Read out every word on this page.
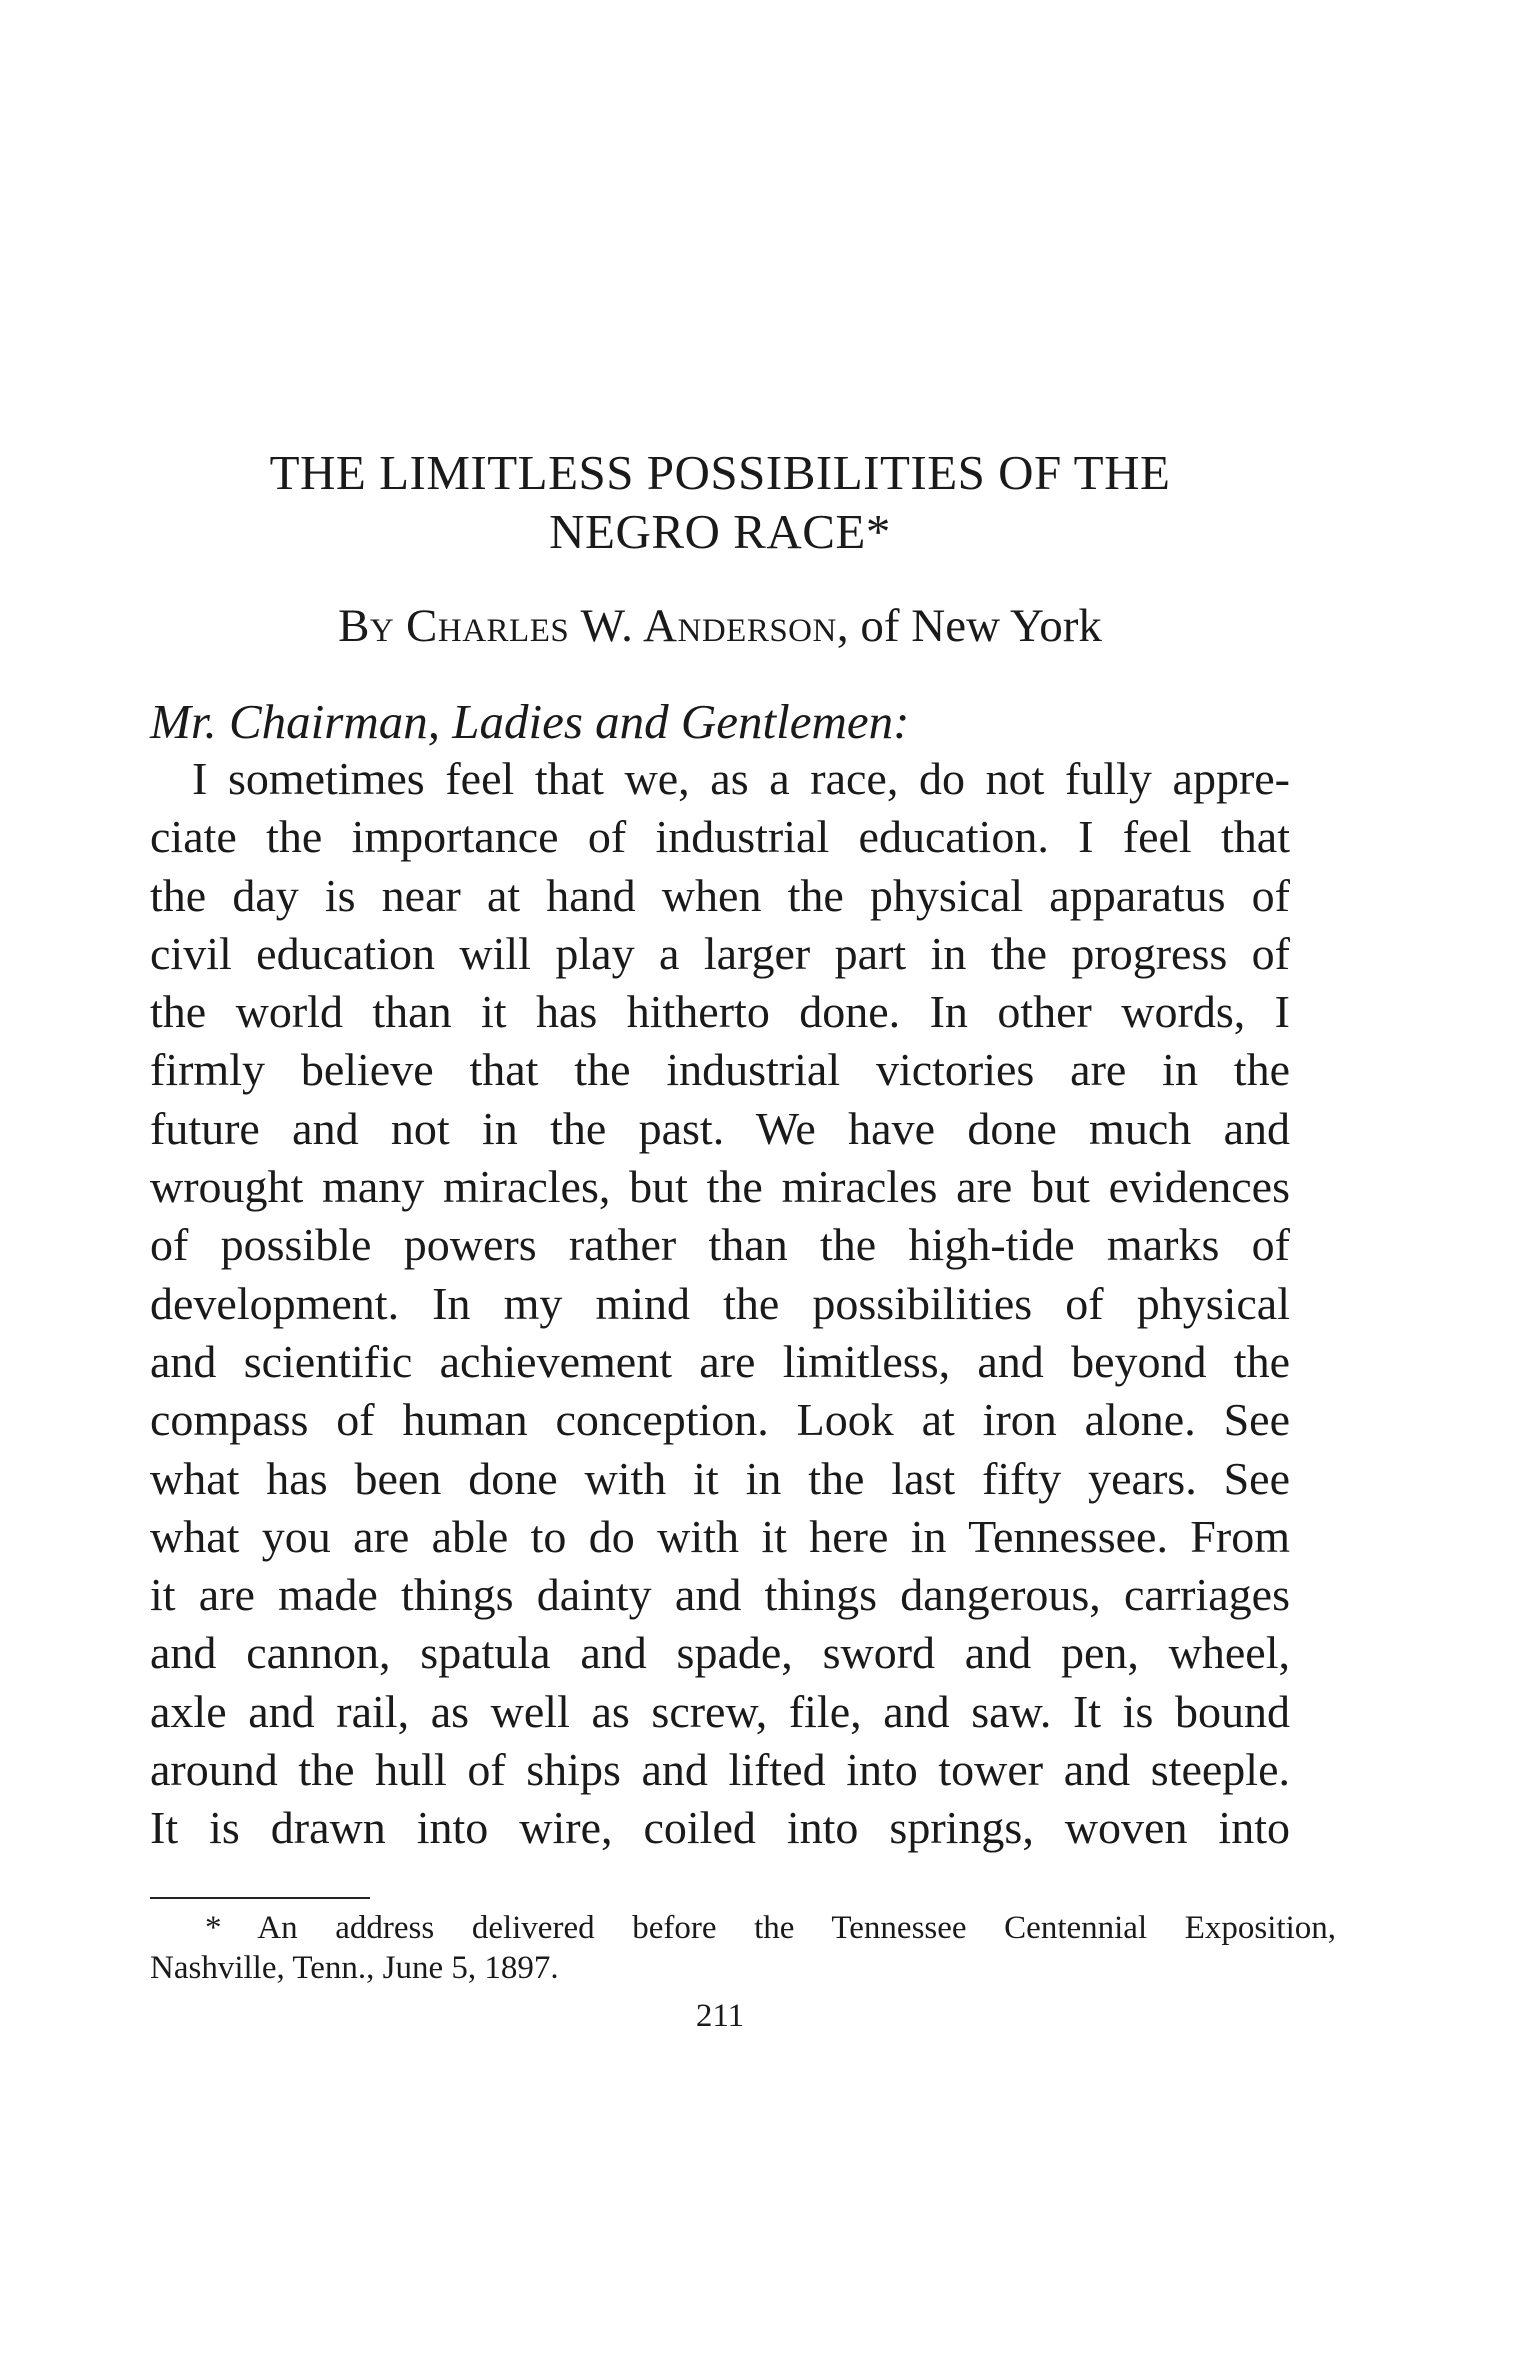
THE LIMITLESS POSSIBILITIES OF THE
NEGRO RACE*

By Charles W. Anderson, of New York

Mr. Chairman, Ladies and Gentlemen:

I sometimes feel that we, as a race, do not fully appre-
ciate the importance of industrial education. I feel that
the day is near at hand when the physical apparatus of
civil education will play a larger part in the progress of
the world than it has hitherto done. In other words, I
firmly believe that the industrial victories are in the
future and not in the past. We have done much and
wrought many miracles, but the miracles are but evidences
of possible powers rather than the high-tide marks of
development. In my mind the possibilities of physical
and scientific achievement are limitless, and beyond the
compass of human conception. Look at iron alone. See
what has been done with it in the last fifty years. See
what you are able to do with it here in Tennessee. From
it are made things dainty and things dangerous, carriages
and cannon, spatula and spade, sword and pen, wheel,
axle and rail, as well as screw, file, and saw. It is bound
around the hull of ships and lifted into tower and steeple.
It is drawn into wire, coiled into springs, woven into
* An address delivered before the Tennessee Centennial Exposition,
Nashville, Tenn., June 5, 1897.

211
